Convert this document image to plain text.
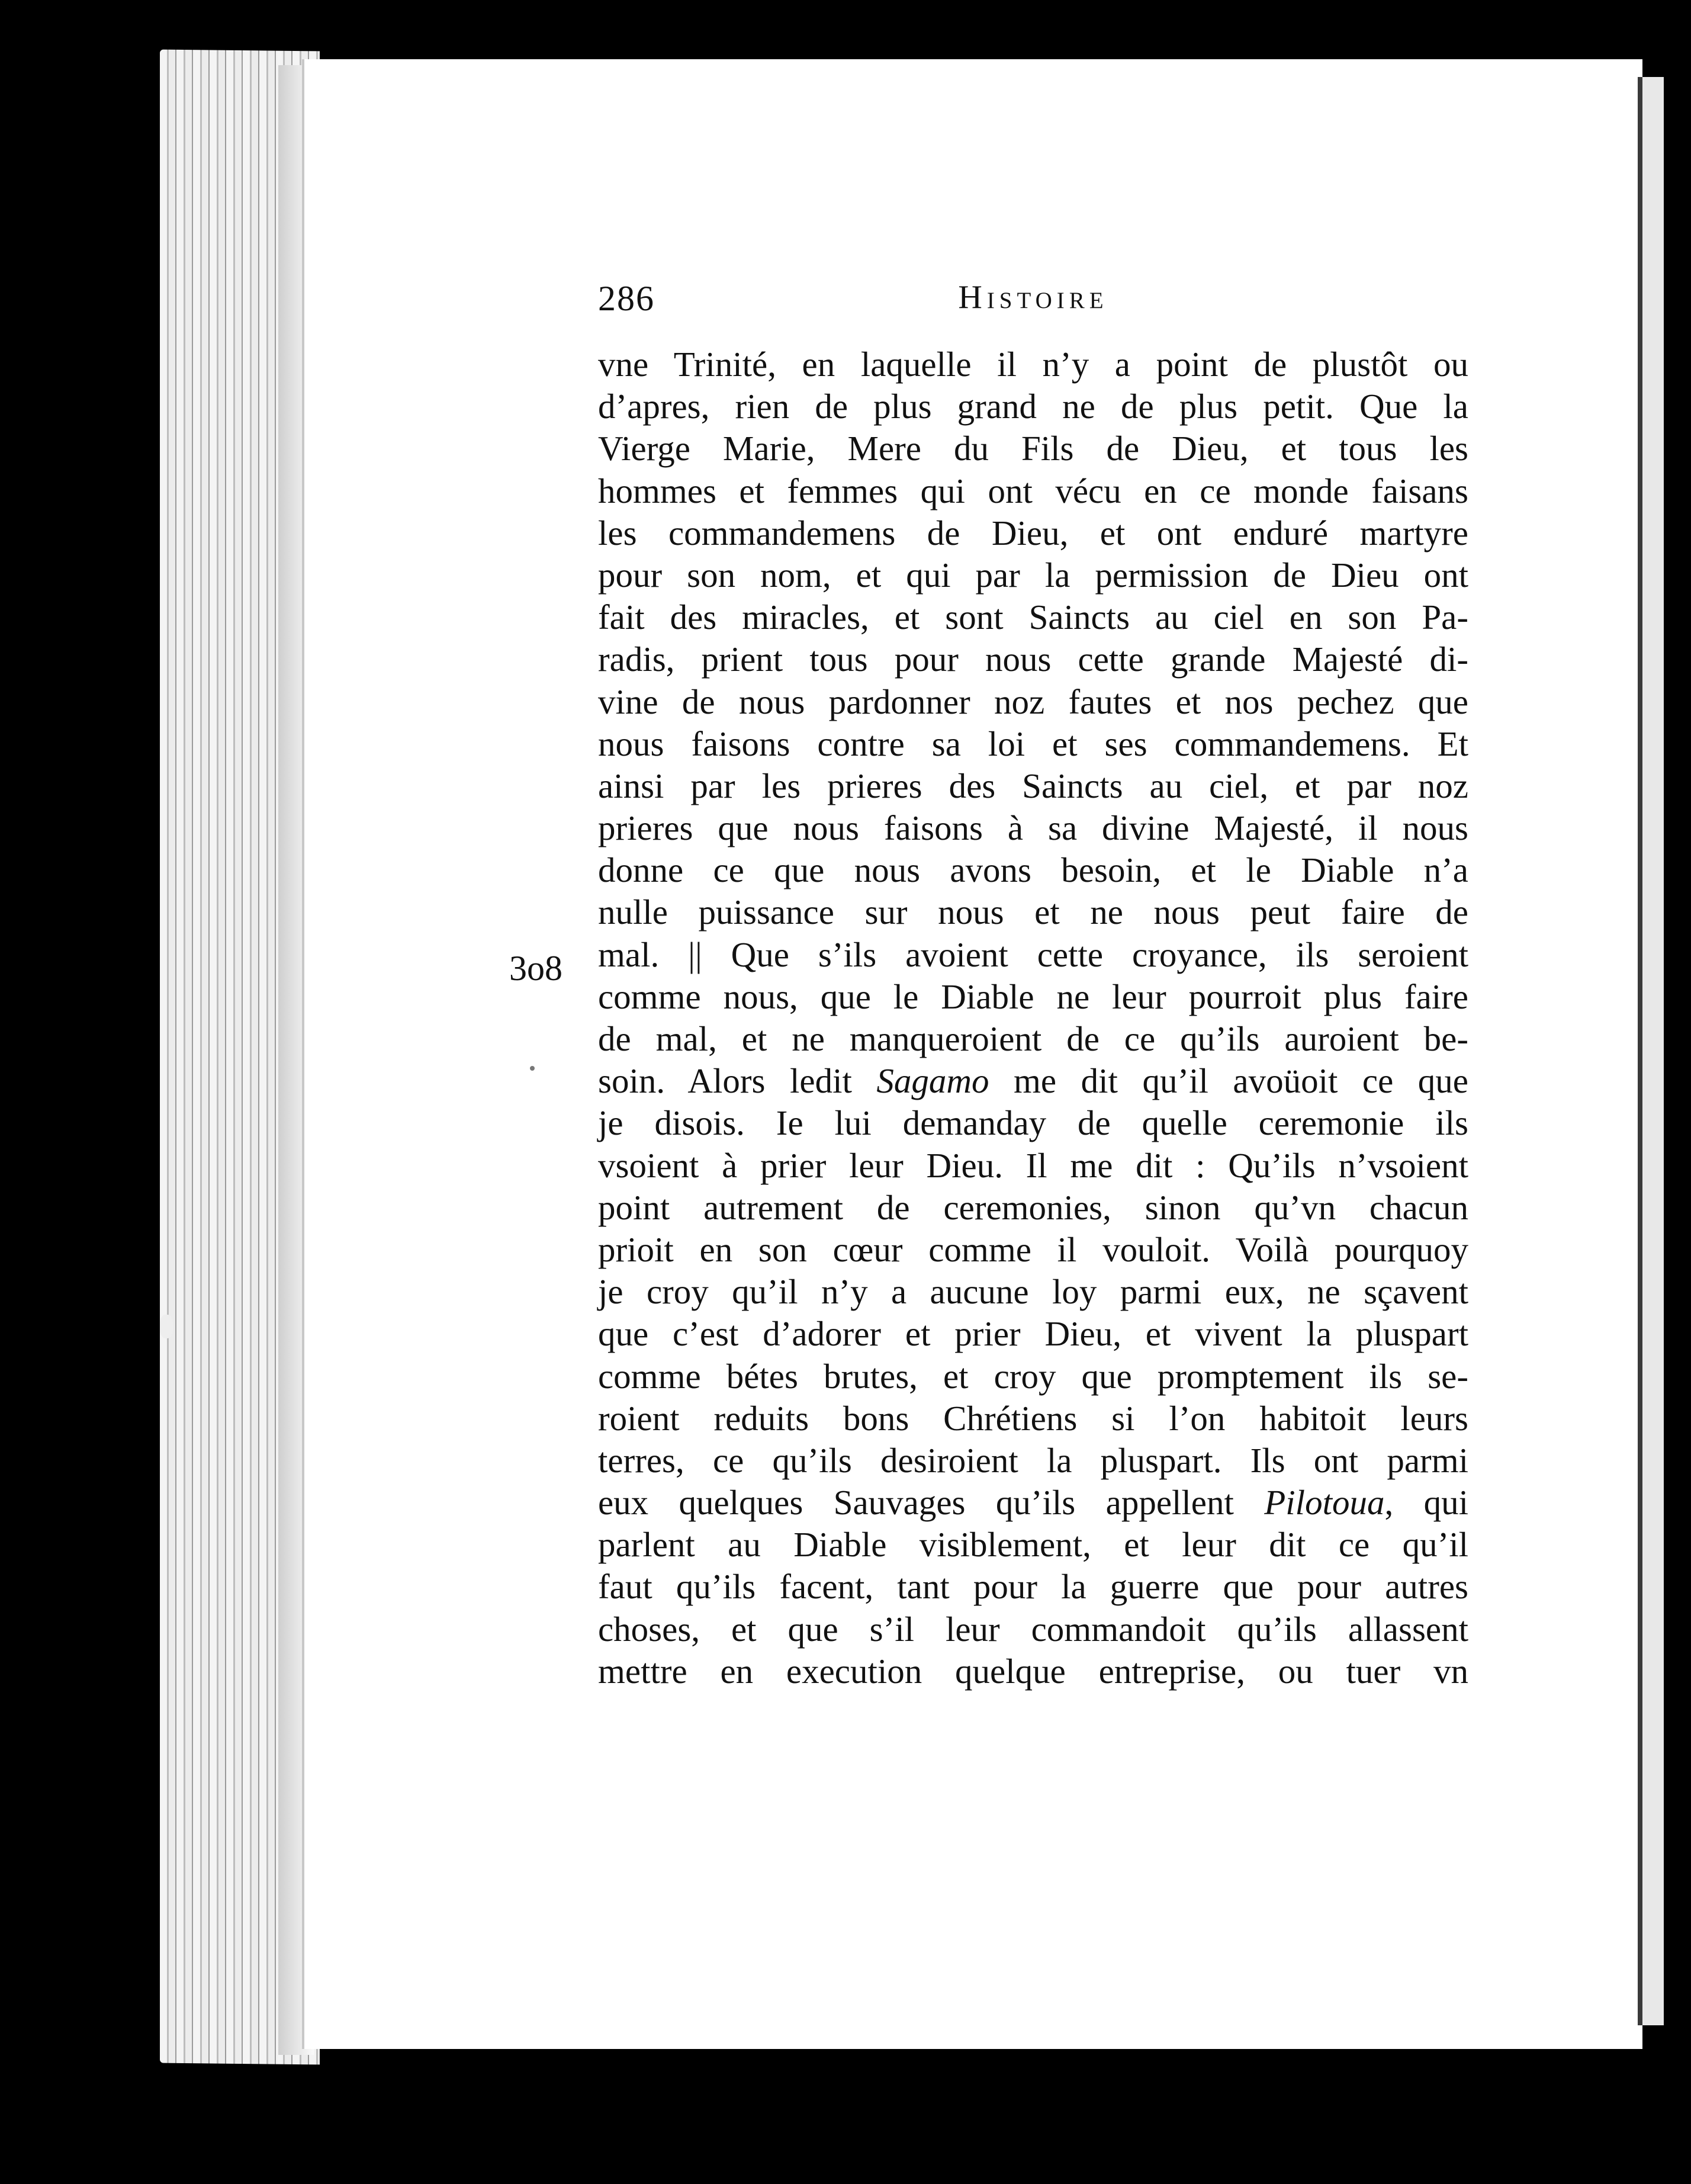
286	Histoire
3o8
vne Trinité, en laquelle il n’y a point de plustôt ou
d’apres, rien de plus grand ne de plus petit. Que la
Vierge Marie, Mere du Fils de Dieu, et tous les
hommes et femmes qui ont vécu en ce monde faisans
les commandemens de Dieu, et ont enduré martyre
pour son nom, et qui par la permission de Dieu ont
fait des miracles, et sont Saincts au ciel en son Pa-
radis, prient tous pour nous cette grande Majesté di-
vine de nous pardonner noz fautes et nos pechez que
nous faisons contre sa loi et ses commandemens. Et
ainsi par les prieres des Saincts au ciel, et par noz
prieres que nous faisons à sa divine Majesté, il nous
donne ce que nous avons besoin, et le Diable n’a
nulle puissance sur nous et ne nous peut faire de
mal. || Que s’ils avoient cette croyance, ils seroient
comme nous, que le Diable ne leur pourroit plus faire
de mal, et ne manqueroient de ce qu’ils auroient be-
soin. Alors ledit Sagamo me dit qu’il avoüoit ce que
je disois. Ie lui demanday de quelle ceremonie ils
vsoient à prier leur Dieu. Il me dit : Qu’ils n’vsoient
point autrement de ceremonies, sinon qu’vn chacun
prioit en son cœur comme il vouloit. Voilà pourquoy
je croy qu’il n’y a aucune loy parmi eux, ne sçavent
que c’est d’adorer et prier Dieu, et vivent la pluspart
comme bétes brutes, et croy que promptement ils se-
roient reduits bons Chrétiens si l’on habitoit leurs
terres, ce qu’ils desiroient la pluspart. Ils ont parmi
eux quelques Sauvages qu’ils appellent Pilotoua, qui
parlent au Diable visiblement, et leur dit ce qu’il
faut qu’ils facent, tant pour la guerre que pour autres
choses, et que s’il leur commandoit qu’ils allassent
mettre en execution quelque entreprise, ou tuer vn
